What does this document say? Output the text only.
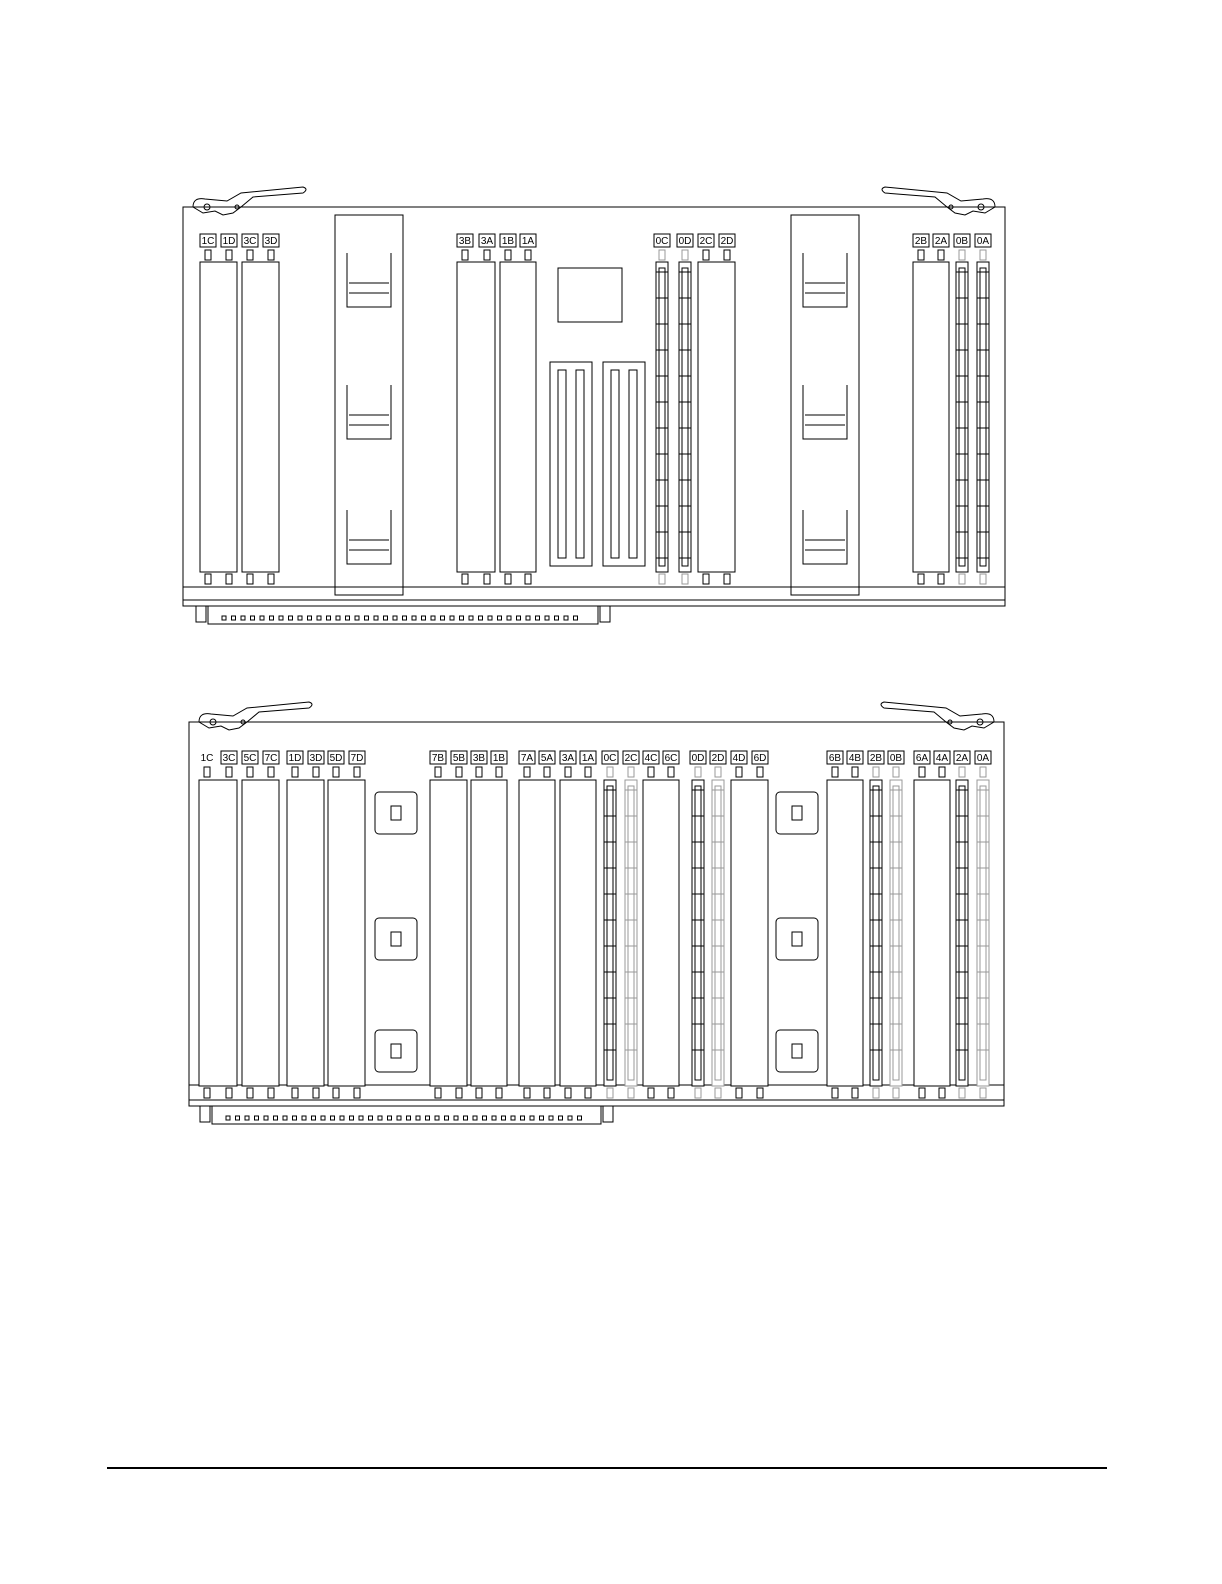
1C 1D 3C 3D	3B 3A 1B 1A	0C 0D 2C 2D	2B 2A 0B 0A
1C 3C 5C 7C 1D 3D 5D 7D	7B 5B 3B 1B 7A 5A 3A 1A 0C 2C 4C 6C 0D 2D 4D 6D	6B 4B 2B 0B 6A 4A 2A 0A
